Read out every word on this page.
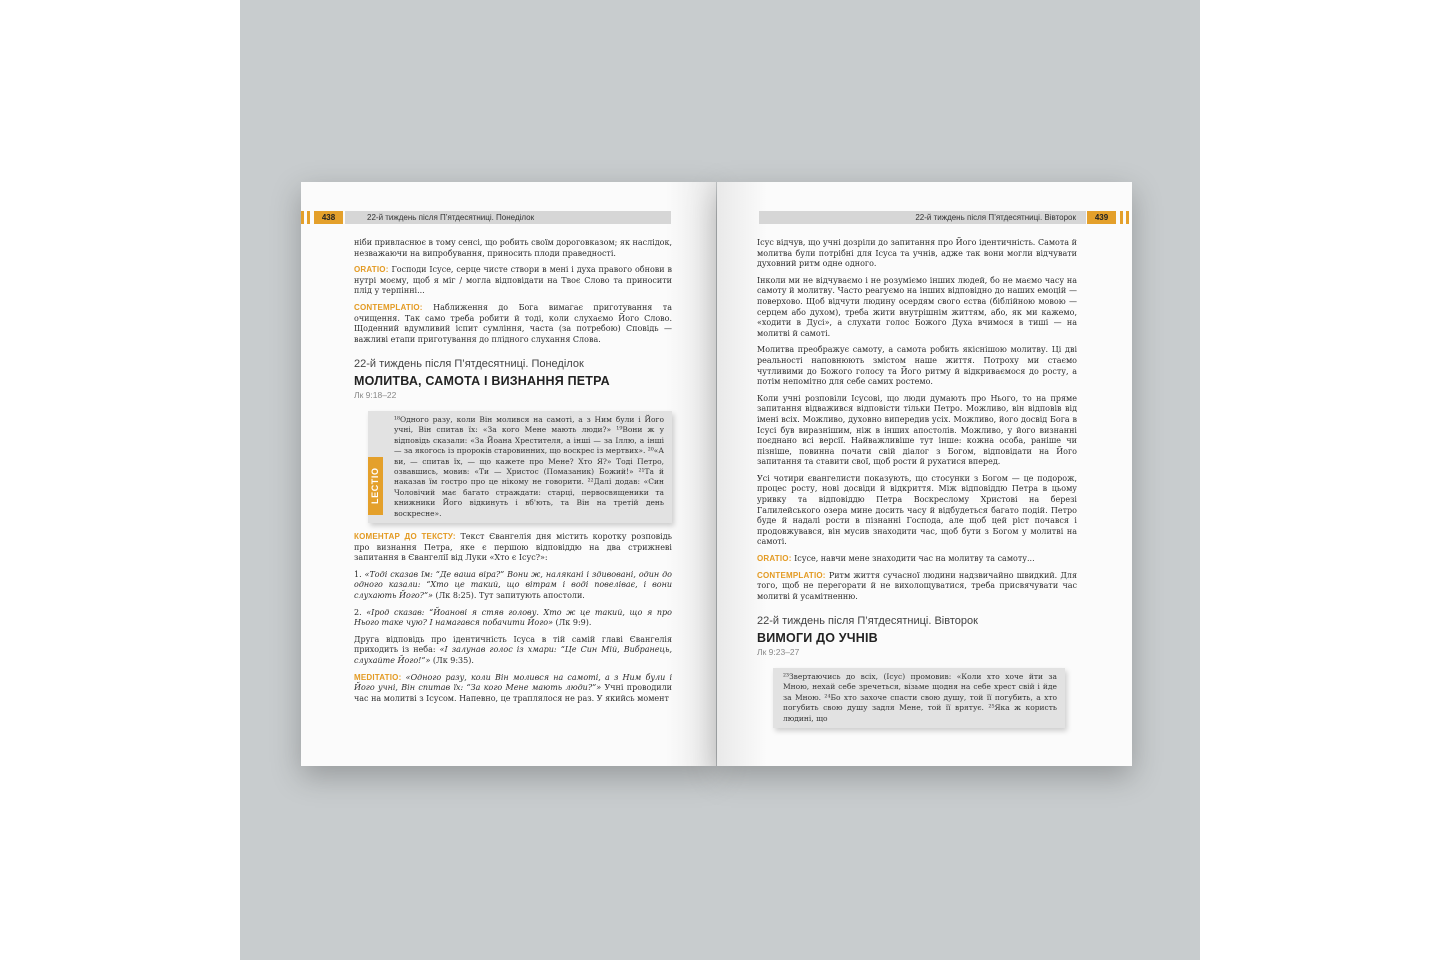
438	22-й тиждень після П’ятдесятниці. Понеділок

ніби привласнює в тому сенсі, що робить своїм дороговказом; як наслідок, незважаючи на випробування, приносить плоди праведності.

ORATIO: Господи Ісусе, серце чисте створи в мені і духа правого обнови в нутрі моєму, щоб я міг / могла відповідати на Твоє Слово та приносити плід у терпінні...

CONTEMPLATIO: Наближення до Бога вимагає приготування та очищення. Так само треба робити й тоді, коли слухаємо Його Слово. Щоденний вдумливий іспит сумління, часта (за потребою) Сповідь — важливі етапи приготування до плідного слухання Слова.

22-й тиждень після П’ятдесятниці. Понеділок
МОЛИТВА, САМОТА І ВИЗНАННЯ ПЕТРА
Лк 9:18–22
LECTIO
¹⁸Одного разу, коли Він молився на самоті, а з Ним були і Його учні, Він спитав їх: «За кого Мене мають люди?» ¹⁹Вони ж у відповідь сказали: «За Йоана Хрестителя, а інші — за Іллю, а інші — за якогось із пророків старовинних, що воскрес із мертвих». ²⁰«А ви, — спитав їх, — що кажете про Мене? Хто Я?» Тоді Петро, озвавшись, мовив: «Ти — Христос (Помазаник) Божий!» ²¹Та й наказав їм гостро про це нікому не говорити. ²²Далі додав: «Син Чоловічий має багато страждати: старці, первосвященики та книжники Його відкинуть і вб'ють, та Він на третій день воскресне».

КОМЕНТАР ДО ТЕКСТУ: Текст Євангелія дня містить коротку розповідь про визнання Петра, яке є першою відповіддю на два стрижневі запитання в Євангелії від Луки «Хто є Ісус?»:

1. «Тоді сказав їм: “Де ваша віра?” Вони ж, налякані і здивовані, один до одного казали: “Хто це такий, що вітрам і воді повеліває, і вони слухають Його?”» (Лк 8:25). Тут запитують апостоли.

2. «Ірод сказав: “Йоанові я стяв голову. Хто ж це такий, що я про Нього таке чую? І намагався побачити Його» (Лк 9:9).

Друга відповідь про ідентичність Ісуса в тій самій главі Євангелія приходить із неба: «І залунав голос із хмари: “Це Син Мій, Вибранець, слухайте Його!”» (Лк 9:35).

MEDITATIO: «Одного разу, коли Він молився на самоті, а з Ним були і Його учні, Він спитав їх: “За кого Мене мають люди?”» Учні проводили час на молитві з Ісусом. Напевно, це траплялося не раз. У якийсь момент

22-й тиждень після П’ятдесятниці. Вівторок	439

Ісус відчув, що учні дозріли до запитання про Його ідентичність. Самота й молитва були потрібні для Ісуса та учнів, адже так вони могли відчувати духовний ритм одне одного.

Інколи ми не відчуваємо і не розуміємо інших людей, бо не маємо часу на самоту й молитву. Часто реагуємо на інших відповідно до наших емоцій — поверхово. Щоб відчути людину осердям свого єства (біблійною мовою — серцем або духом), треба жити внутрішнім життям, або, як ми кажемо, «ходити в Дусі», а слухати голос Божого Духа вчимося в тиші — на молитві й самоті.

Молитва преображує самоту, а самота робить якіснішою молитву. Ці дві реальності наповнюють змістом наше життя. Потроху ми стаємо чутливими до Божого голосу та Його ритму й відкриваємося до росту, а потім непомітно для себе самих ростемо.

Коли учні розповіли Ісусові, що люди думають про Нього, то на пряме запитання відважився відповісти тільки Петро. Можливо, він відповів від імені всіх. Можливо, духовно випередив усіх. Можливо, його досвід Бога в Ісусі був виразнішим, ніж в інших апостолів. Можливо, у його визнанні поєднано всі версії. Найважливіше тут інше: кожна особа, раніше чи пізніше, повинна почати свій діалог з Богом, відповідати на Його запитання та ставити свої, щоб рости й рухатися вперед.

Усі чотири євангелисти показують, що стосунки з Богом — це подорож, процес росту, нові досвіди й відкриття. Між відповіддю Петра в цьому уривку та відповіддю Петра Воскреслому Христові на березі Галилейського озера мине досить часу й відбудеться багато подій. Петро буде й надалі рости в пізнанні Господа, але щоб цей ріст почався і продовжувався, він мусив знаходити час, щоб бути з Богом у молитві на самоті.

ORATIO: Ісусе, навчи мене знаходити час на молитву та самоту...

CONTEMPLATIO: Ритм життя сучасної людини надзвичайно швидкий. Для того, щоб не перегорати й не вихолощуватися, треба присвячувати час молитві й усамітненню.

22-й тиждень після П’ятдесятниці. Вівторок
ВИМОГИ ДО УЧНІВ
Лк 9:23–27
²³Звертаючись до всіх, (Ісус) промовив: «Коли хто хоче йти за Мною, нехай себе зречеться, візьме щодня на себе хрест свій і йде за Мною. ²⁴Бо хто захоче спасти свою душу, той її погубить, а хто погубить свою душу задля Мене, той її врятує. ²⁵Яка ж користь людині, що
